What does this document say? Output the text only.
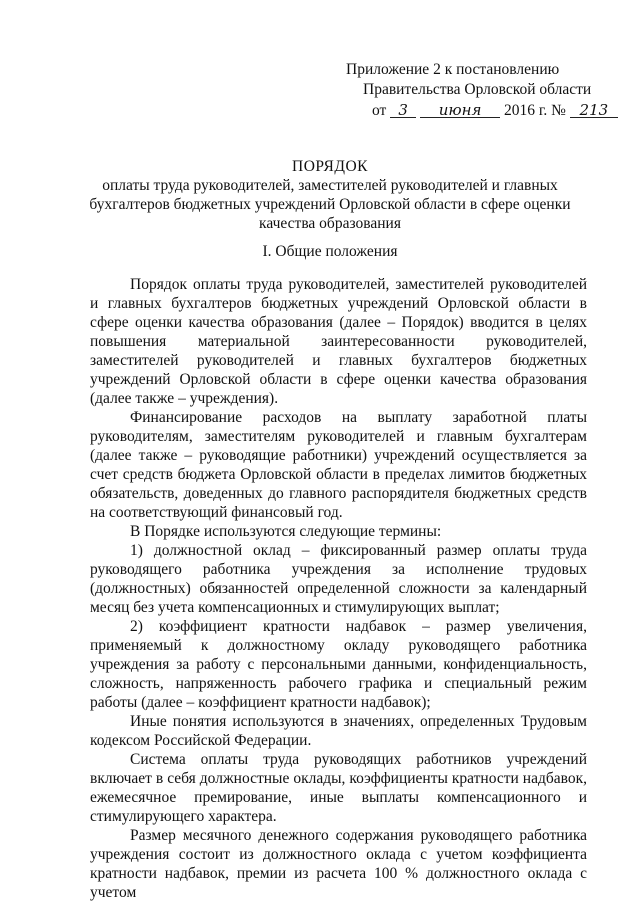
Приложение 2 к постановлению
Правительства Орловской области
от 3 июня 2016 г. № 213
ПОРЯДОК
оплаты труда руководителей, заместителей руководителей и главных
бухгалтеров бюджетных учреждений Орловской области в сфере оценки
качества образования
I. Общие положения

Порядок оплаты труда руководителей, заместителей руководителей и главных бухгалтеров бюджетных учреждений Орловской области в сфере оценки качества образования (далее – Порядок) вводится в целях повышения материальной заинтересованности руководителей, заместителей руководителей и главных бухгалтеров бюджетных учреждений Орловской области в сфере оценки качества образования (далее также – учреждения).

Финансирование расходов на выплату заработной платы руководителям, заместителям руководителей и главным бухгалтерам (далее также – руководящие работники) учреждений осуществляется за счет средств бюджета Орловской области в пределах лимитов бюджетных обязательств, доведенных до главного распорядителя бюджетных средств на соответствующий финансовый год.

В Порядке используются следующие термины:

1) должностной оклад – фиксированный размер оплаты труда руководящего работника учреждения за исполнение трудовых (должностных) обязанностей определенной сложности за календарный месяц без учета компенсационных и стимулирующих выплат;

2) коэффициент кратности надбавок – размер увеличения, применяемый к должностному окладу руководящего работника учреждения за работу с персональными данными, конфиденциальность, сложность, напряженность рабочего графика и специальный режим работы (далее – коэффициент кратности надбавок);

Иные понятия используются в значениях, определенных Трудовым кодексом Российской Федерации.

Система оплаты труда руководящих работников учреждений включает в себя должностные оклады, коэффициенты кратности надбавок, ежемесячное премирование, иные выплаты компенсационного и стимулирующего характера.

Размер месячного денежного содержания руководящего работника учреждения состоит из должностного оклада с учетом коэффициента кратности надбавок, премии из расчета 100 % должностного оклада с учетом
